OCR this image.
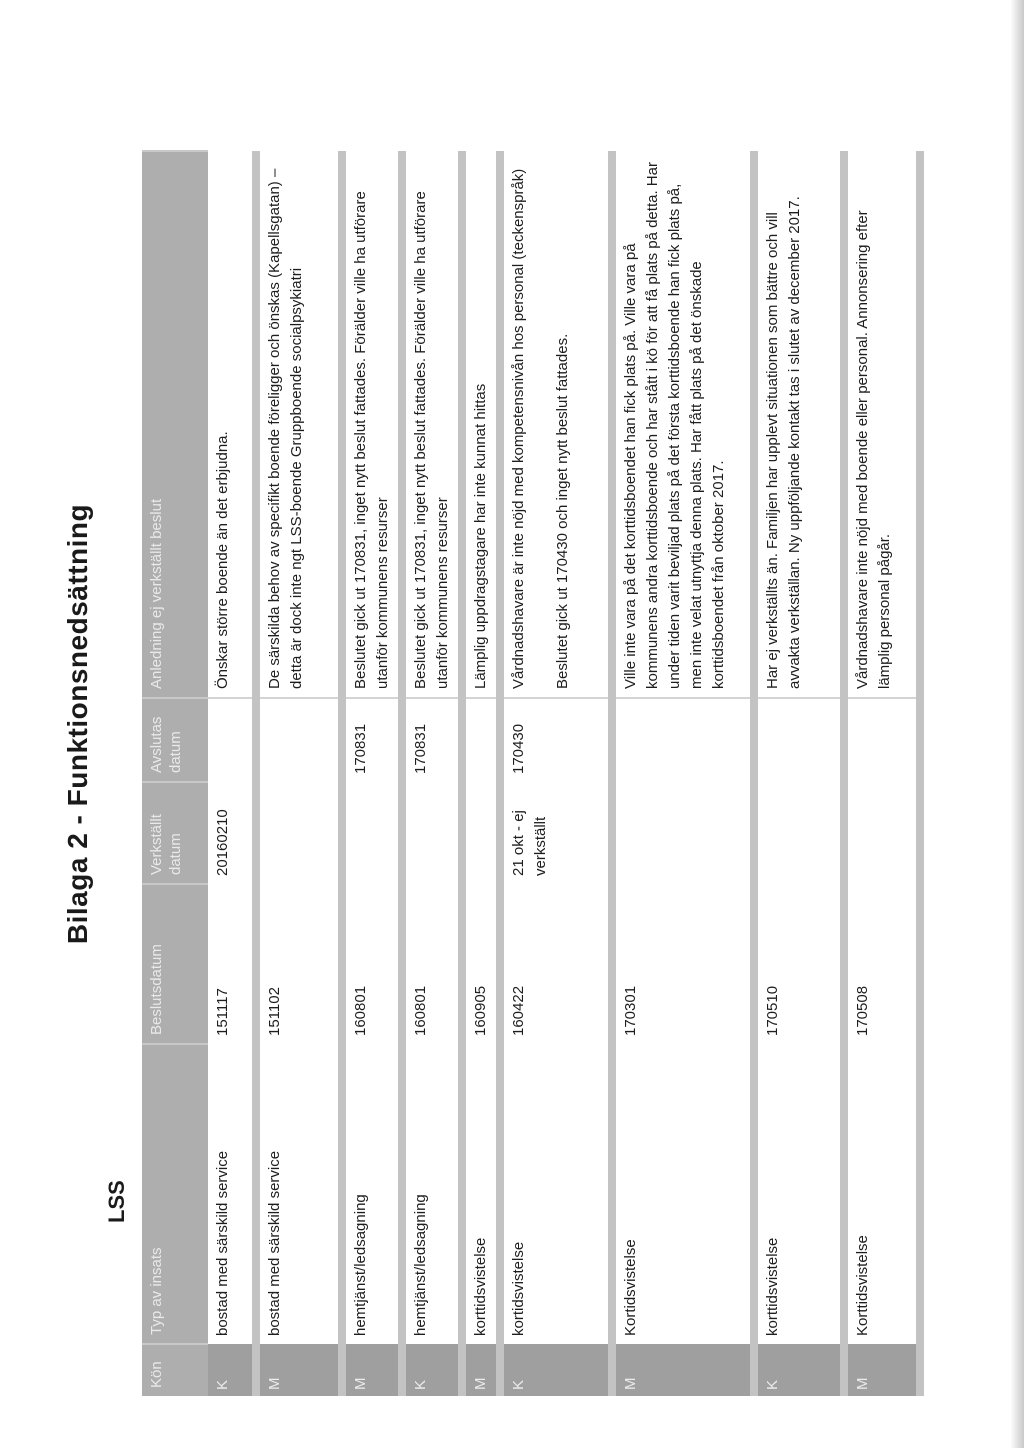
Bilaga 2 - Funktionsnedsättning
LSS
Kön	Typ av insats	Beslutsdatum	Verkställt datum	Avslutas datum	Anledning ej verkställt beslut
K	bostad med särskild service	151117	20160210		Önskar större boende än det erbjudna.
M	bostad med särskild service	151102			De särskilda behov av specifikt boende föreligger och önskas (Kapellsgatan) – detta är dock inte ngt LSS-boende Gruppboende socialpsykiatri
M	hemtjänst/ledsagning	160801		170831	Beslutet gick ut 170831, inget nytt beslut fattades. Förälder ville ha utförare utanför kommunens resurser
K	hemtjänst/ledsagning	160801		170831	Beslutet gick ut 170831, inget nytt beslut fattades. Förälder ville ha utförare utanför kommunens resurser
M	korttidsvistelse	160905			Lämplig uppdragstagare har inte kunnat hittas
K	kortidsvistelse	160422	21 okt - ej verkställt	170430	Vårdnadshavare är inte nöjd med kompetensnivån hos personal (teckenspråk)

Beslutet gick ut 170430 och inget nytt beslut fattades.
M	Kortidsvistelse	170301			Ville inte vara på det korttidsboendet han fick plats på. Ville vara på kommunens andra korttidsboende och har stått i kö för att få plats på detta. Har under tiden varit beviljad plats på det första korttidsboende han fick plats på, men inte velat utnyttja denna plats. Har fått plats på det önskade korttidsboendet från oktober 2017.
K	korttidsvistelse	170510			Har ej verkställts än. Familjen har upplevt situationen som bättre och vill avvakta verkställan. Ny uppföljande kontakt tas i slutet av december 2017.
M	Korttidsvistelse	170508			Vårdnadshavare inte nöjd med boende eller personal. Annonsering efter lämplig personal pågår.
